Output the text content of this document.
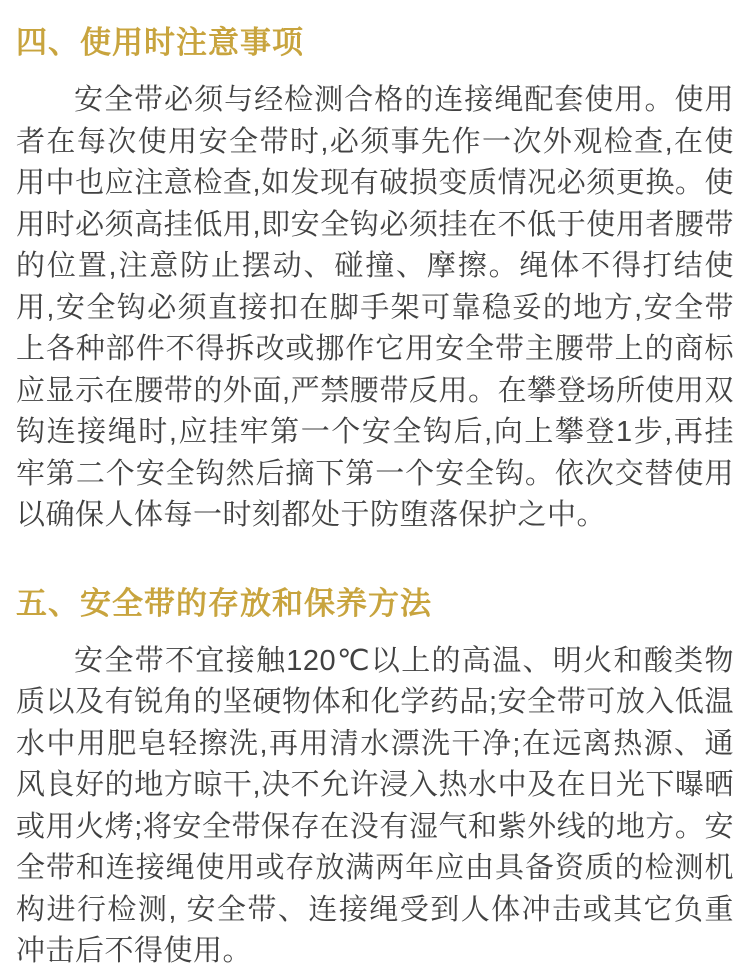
四、使用时注意事项

安全带必须与经检测合格的连接绳配套使用。使用者在每次使用安全带时,必须事先作一次外观检查,在使用中也应注意检查,如发现有破损变质情况必须更换。使用时必须高挂低用,即安全钩必须挂在不低于使用者腰带的位置,注意防止摆动、碰撞、摩擦。绳体不得打结使用,安全钩必须直接扣在脚手架可靠稳妥的地方,安全带上各种部件不得拆改或挪作它用安全带主腰带上的商标应显示在腰带的外面,严禁腰带反用。在攀登场所使用双钩连接绳时,应挂牢第一个安全钩后,向上攀登1步,再挂牢第二个安全钩然后摘下第一个安全钩。依次交替使用以确保人体每一时刻都处于防堕落保护之中。

五、安全带的存放和保养方法

安全带不宜接触120℃以上的高温、明火和酸类物质以及有锐角的坚硬物体和化学药品;安全带可放入低温水中用肥皂轻擦洗,再用清水漂洗干净;在远离热源、通风良好的地方晾干,决不允许浸入热水中及在日光下曝晒或用火烤;将安全带保存在没有湿气和紫外线的地方。安全带和连接绳使用或存放满两年应由具备资质的检测机构进行检测, 安全带、连接绳受到人体冲击或其它负重冲击后不得使用。
